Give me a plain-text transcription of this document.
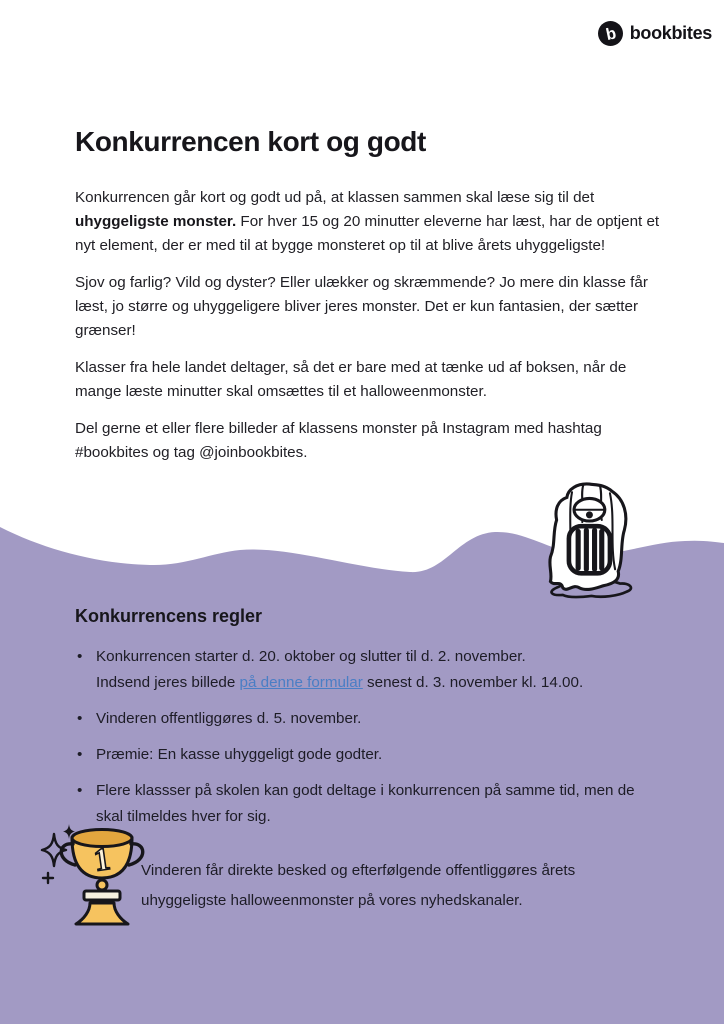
b bookbites
Konkurrencen kort og godt

Konkurrencen går kort og godt ud på, at klassen sammen skal læse sig til det uhyggeligste monster. For hver 15 og 20 minutter eleverne har læst, har de optjent et nyt element, der er med til at bygge monsteret op til at blive årets uhyggeligste!

Sjov og farlig? Vild og dyster? Eller ulækker og skræmmende? Jo mere din klasse får læst, jo større og uhyggeligere bliver jeres monster. Det er kun fantasien, der sætter grænser!

Klasser fra hele landet deltager, så det er bare med at tænke ud af boksen, når de mange læste minutter skal omsættes til et halloweenmonster.

Del gerne et eller flere billeder af klassens monster på Instagram med hashtag #bookbites og tag @joinbookbites.

Konkurrencens regler
• Konkurrencen starter d. 20. oktober og slutter til d. 2. november.
Indsend jeres billede på denne formular senest d. 3. november kl. 14.00.
• Vinderen offentliggøres d. 5. november.
• Præmie: En kasse uhyggeligt gode godter.
• Flere klassser på skolen kan godt deltage i konkurrencen på samme tid, men de skal tilmeldes hver for sig.
1 Vinderen får direkte besked og efterfølgende offentliggøres årets uhyggeligste halloweenmonster på vores nyhedskanaler.
